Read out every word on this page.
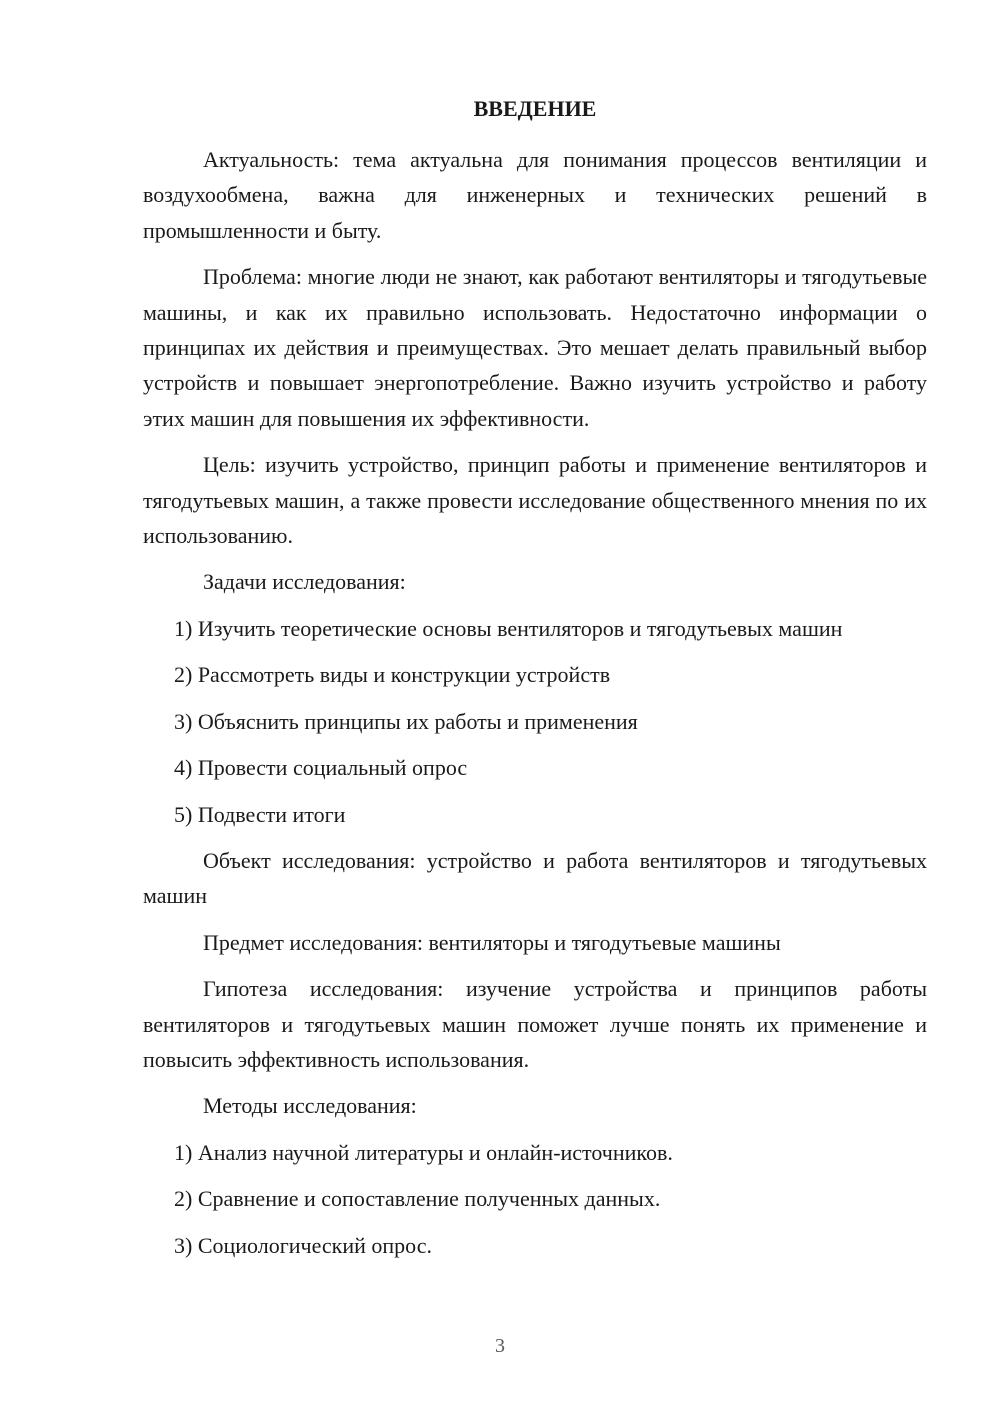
ВВЕДЕНИЕ

Актуальность: тема актуальна для понимания процессов вентиляции и воздухообмена, важна для инженерных и технических решений в промышленности и быту.

Проблема: многие люди не знают, как работают вентиляторы и тягодутьевые машины, и как их правильно использовать. Недостаточно информации о принципах их действия и преимуществах. Это мешает делать правильный выбор устройств и повышает энергопотребление. Важно изучить устройство и работу этих машин для повышения их эффективности.

Цель: изучить устройство, принцип работы и применение вентиляторов и тягодутьевых машин, а также провести исследование общественного мнения по их использованию.

Задачи исследования:

1) Изучить теоретические основы вентиляторов и тягодутьевых машин

2) Рассмотреть виды и конструкции устройств

3) Объяснить принципы их работы и применения

4) Провести социальный опрос

5) Подвести итоги

Объект исследования: устройство и работа вентиляторов и тягодутьевых машин

Предмет исследования: вентиляторы и тягодутьевые машины

Гипотеза исследования: изучение устройства и принципов работы вентиляторов и тягодутьевых машин поможет лучше понять их применение и повысить эффективность использования.

Методы исследования:

1) Анализ научной литературы и онлайн-источников.

2) Сравнение и сопоставление полученных данных.

3) Социологический опрос.

3
